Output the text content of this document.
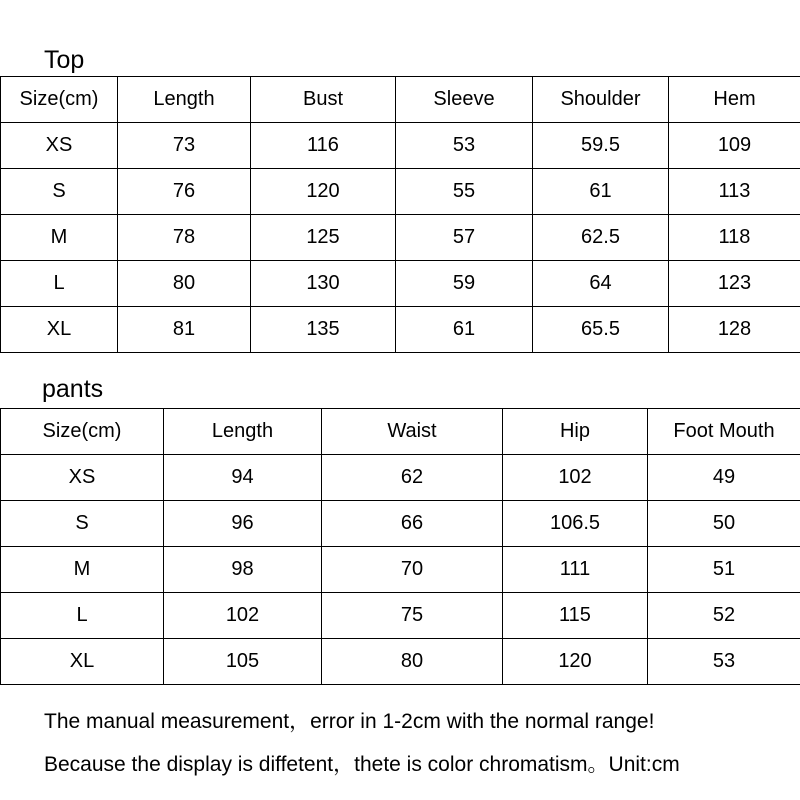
Top
Size(cm)	Length	Bust	Sleeve	Shoulder	Hem
XS	73	116	53	59.5	109
S	76	120	55	61	113
M	78	125	57	62.5	118
L	80	130	59	64	123
XL	81	135	61	65.5	128
pants
Size(cm)	Length	Waist	Hip	Foot Mouth
XS	94	62	102	49
S	96	66	106.5	50
M	98	70	111	51
L	102	75	115	52
XL	105	80	120	53
The manual measurement，error in 1-2cm with the normal range!
Because the display is diffetent，thete is color chromatism。Unit:cm
